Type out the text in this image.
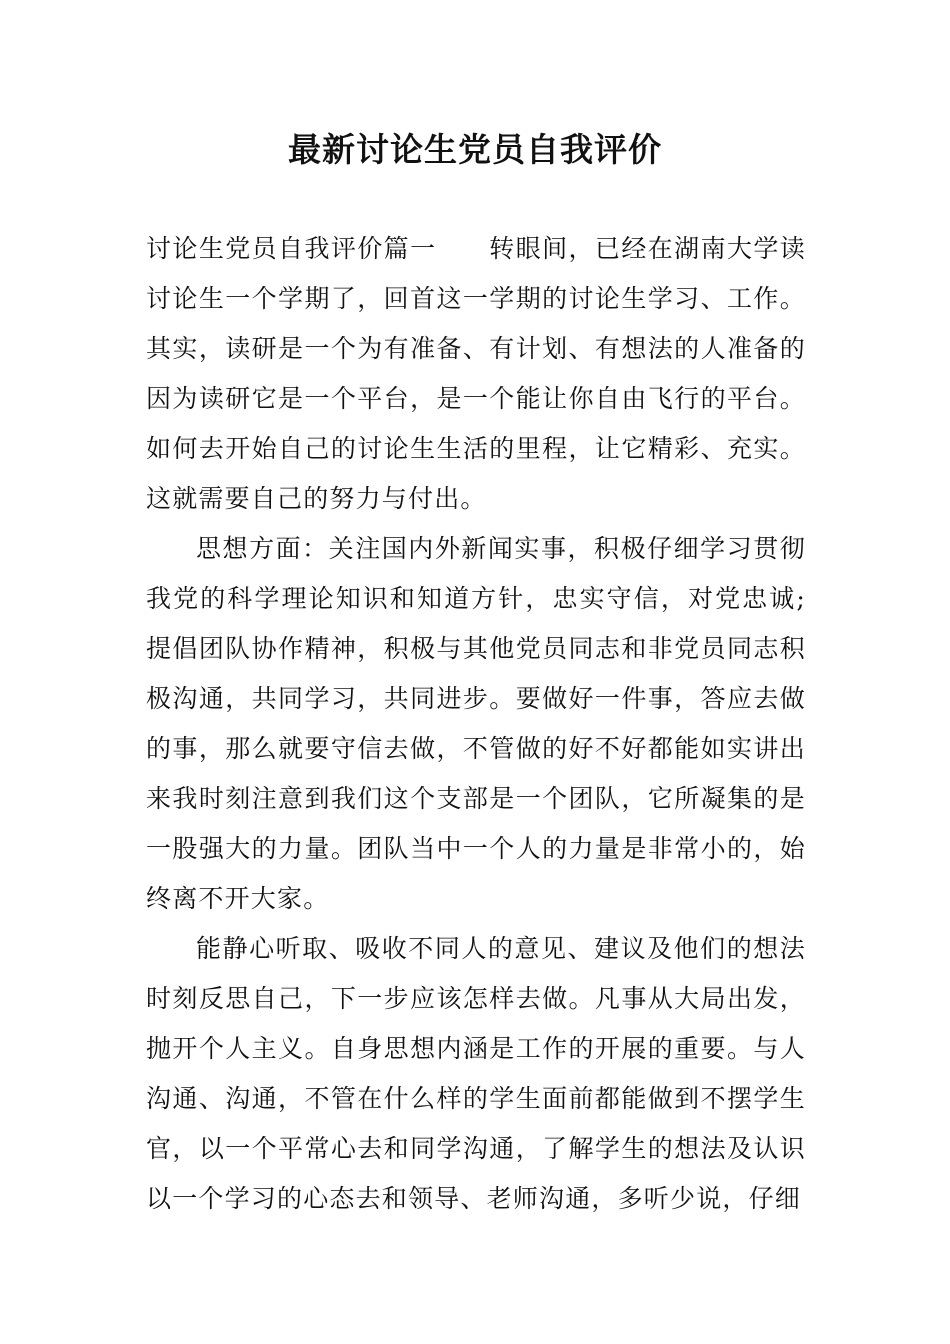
最新讨论生党员自我评价

讨论生党员自我评价篇一　　转眼间，已经在湖南大学读讨论生一个学期了，回首这一学期的讨论生学习、工作。其实，读研是一个为有准备、有计划、有想法的人准备的因为读研它是一个平台，是一个能让你自由飞行的平台。如何去开始自己的讨论生生活的里程，让它精彩、充实。这就需要自己的努力与付出。

思想方面：关注国内外新闻实事，积极仔细学习贯彻我党的科学理论知识和知道方针，忠实守信，对党忠诚;提倡团队协作精神，积极与其他党员同志和非党员同志积极沟通，共同学习，共同进步。要做好一件事，答应去做的事，那么就要守信去做，不管做的好不好都能如实讲出来我时刻注意到我们这个支部是一个团队，它所凝集的是一股强大的力量。团队当中一个人的力量是非常小的，始终离不开大家。

能静心听取、吸收不同人的意见、建议及他们的想法时刻反思自己，下一步应该怎样去做。凡事从大局出发，抛开个人主义。自身思想内涵是工作的开展的重要。与人沟通、沟通，不管在什么样的学生面前都能做到不摆学生官，以一个平常心去和同学沟通，了解学生的想法及认识以一个学习的心态去和领导、老师沟通，多听少说，仔细
